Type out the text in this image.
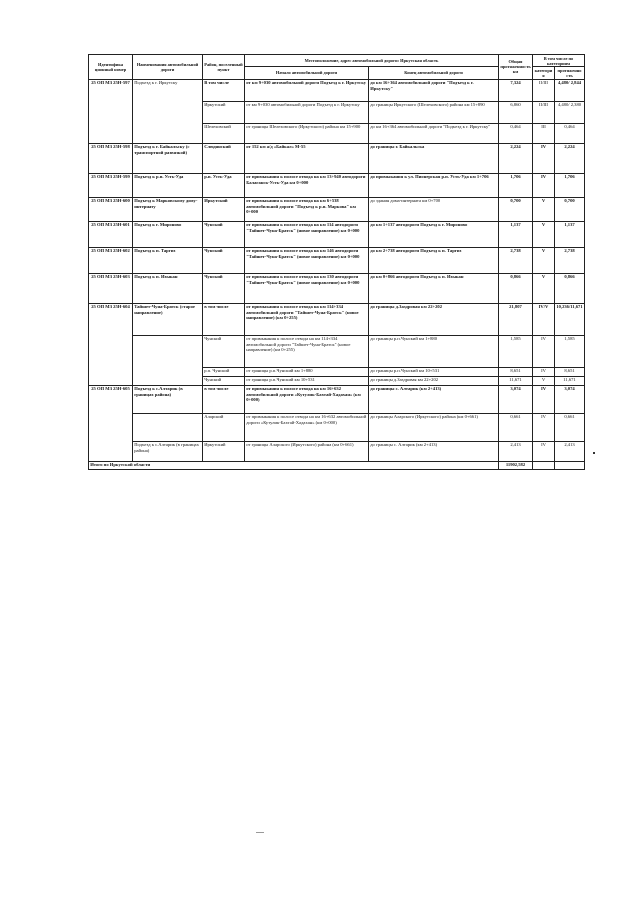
Идентифика ционный номер	Наименования автомобильной дороги	Район, поселенный пункт	Местоположение, адрес автомобильной дороги: Иркутская область		Общая протяженность км	В том числе по категориям	
			Начало автомобильной дороги	Конец автомобильной дороги		категори я	протяженно сть
25 ОП МЗ 25Н-597	Подъезд к г. Иркутску	В том числе	от км 9+030 автомобильной дороги Подъезд к г. Иркутску	до км 16+364 автомобильной дороги "Подъезд к г. Иркутску"	7,324	II/III	4,480/ 2,844
		Иркутский	от км 9+030 автомобильной дороги Подъезд к г. Иркутску	до границы Иркутского (Шелеховского) района км 15+890	6,860	II/III	4,480/ 2,380
		Шелеховский	от границы Шелеховского (Иркутского) района км 15+900	до км 16+364 автомобильной дороги "Подъезд к г. Иркутску"	0,464	III	0,464
25 ОП МЗ 25Н-598	Подъезд к г. Байкальску (с транспортной развязкой)	Слюдянский	от 152 км а/д «Байкал» М-55	до границы г. Байкальска	2,224	IV	2,224
25 ОП МЗ 25Н-599	Подъезд к р.п. Усть-Уда	р.п. Усть-Уда	от примыкания к полосе отвода на км 13+940 автодороги Балаганск-Усть-Уда км 0+000	до примыкания к ул. Пионерская р.п. Усть-Уда км 1+706	1,706	IV	1,706
25 ОП МЗ 25Н-600	Подъезд к Марковскому дому-интернату	Иркутский	от примыкания к полосе отвода на км 6+538 автомобильной дороги "Подъезд к р.п. Маркова" км 0+000	до здания дома-интерната км 0+700	0,700	V	0,700
25 ОП МЗ 25Н-601	Подъезд к г. Мироново	Чунский	от примыкания к полосе отвода на км 114 автодороги "Тайшет-Чуна-Братск" (новое направление) км 0+000	до км 1+137 автодороги Подъезд к г. Мироново	1,137	V	1,137
25 ОП МЗ 25Н-602	Подъезд к п. Таргиз	Чунский	от примыкания к полосе отвода на км 146 автодороги "Тайшет-Чуна-Братск" (новое направление) км 0+000	до км 2+738 автодороги Подъезд к п. Таргиз	2,738	V	2,738
25 ОП МЗ 25Н-603	Подъезд к п. Изыкан	Чунский	от примыкания к полосе отвода на км 130 автодороги "Тайшет-Чуна-Братск" (новое направление) км 0+000	до км 0+866 автодороги Подъезд к п. Изыкан	0,866	V	0,866
25 ОП МЗ 25Н-604	Тайшет-Чуна-Братск (старое направление)	в том числе	от примыкания к полосе отвода на км 114+334 автомобильной дороги "Тайшет-Чуна-Братск" (новое направление) (км 0+255)	до границы д.Заздровая км 22+202	21,807	IV/V	10,236/11,671
		Чунский	от примыкания к полосе отвода на км 114+334 автомобильной дороги "Тайшет-Чуна-Братск" (новое направление) (км 0+255)	до границы р.п.Чунский км 1+880	1,585	IV	1,585
		р.п. Чунский	от границы р.п.Чунский км 1+880	до границы р.п.Чунский км 10+531	8,651	IV	8,651
		Чунский	от границы р.п.Чунский км 10+531	до границы д.Заздровая км 22+202	11,671	V	11,671
25 ОП МЗ 25Н-605	Подъезд к с.Алтарик (в границах района)	в том числе	от примыкания к полосе отвода на км 16+632 автомобильной дороги «Кутулик-Бахтай-Хадахан» (км 0+000)	до границы с. Алтарик (км 2+413)	3,074	IV	3,074
		Аларский	от примыкания к полосе отвода на км 16+632 автомобильной дороги «Кутулик-Бахтай-Хадахан» (км 0+000)	до границы Аларского (Иркутского) района (км 0+661)	0,661	IV	0,661
	Подъезд к с.Алтарик (в границах района)	Иркутский	от границы Аларского (Иркутского) района (км 0+661)	до границы с. Алтарик (км 2+413)	2,413	IV	2,413
Итого по Иркутской области					11902,582		
